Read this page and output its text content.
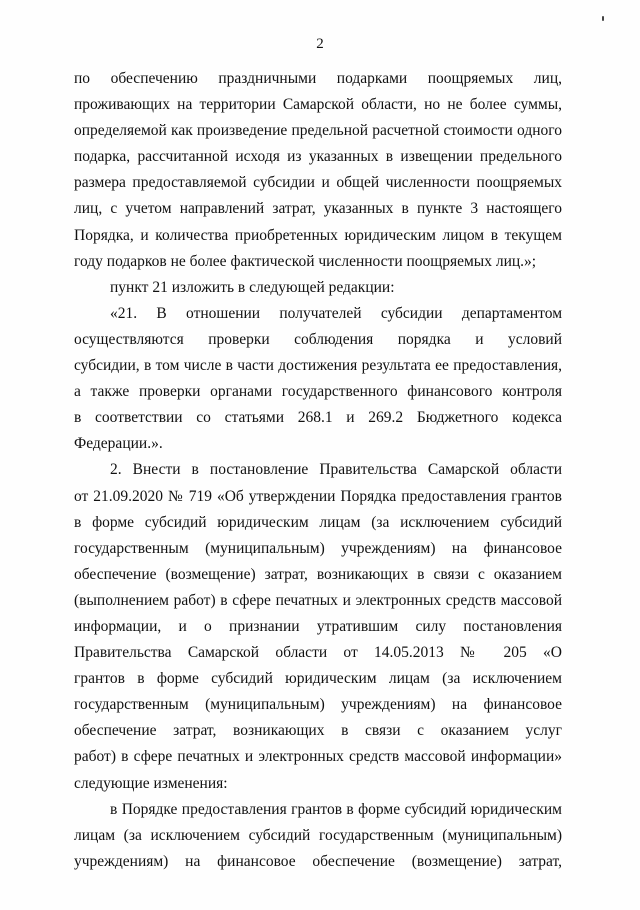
2
по обеспечению праздничными подарками поощряемых лиц,
проживающих на территории Самарской области, но не более суммы,
определяемой как произведение предельной расчетной стоимости одного
подарка, рассчитанной исходя из указанных в извещении предельного
размера предоставляемой субсидии и общей численности поощряемых
лиц, с учетом направлений затрат, указанных в пункте 3 настоящего
Порядка, и количества приобретенных юридическим лицом в текущем
году подарков не более фактической численности поощряемых лиц.»;
пункт 21 изложить в следующей редакции:
«21. В отношении получателей субсидии департаментом
осуществляются проверки соблюдения порядка и условий
субсидии, в том числе в части достижения результата ее предоставления,
а также проверки органами государственного финансового контроля
в соответствии со статьями 268.1 и 269.2 Бюджетного кодекса
Федерации.».
2. Внести в постановление Правительства Самарской области
от 21.09.2020 № 719 «Об утверждении Порядка предоставления грантов
в форме субсидий юридическим лицам (за исключением субсидий
государственным (муниципальным) учреждениям) на финансовое
обеспечение (возмещение) затрат, возникающих в связи с оказанием
(выполнением работ) в сфере печатных и электронных средств массовой
информации, и о признании утратившим силу постановления
Правительства Самарской области от 14.05.2013 № 205 «О
грантов в форме субсидий юридическим лицам (за исключением
государственным (муниципальным) учреждениям) на финансовое
обеспечение затрат, возникающих в связи с оказанием услуг
работ) в сфере печатных и электронных средств массовой информации»
следующие изменения:
в Порядке предоставления грантов в форме субсидий юридическим
лицам (за исключением субсидий государственным (муниципальным)
учреждениям) на финансовое обеспечение (возмещение) затрат,
